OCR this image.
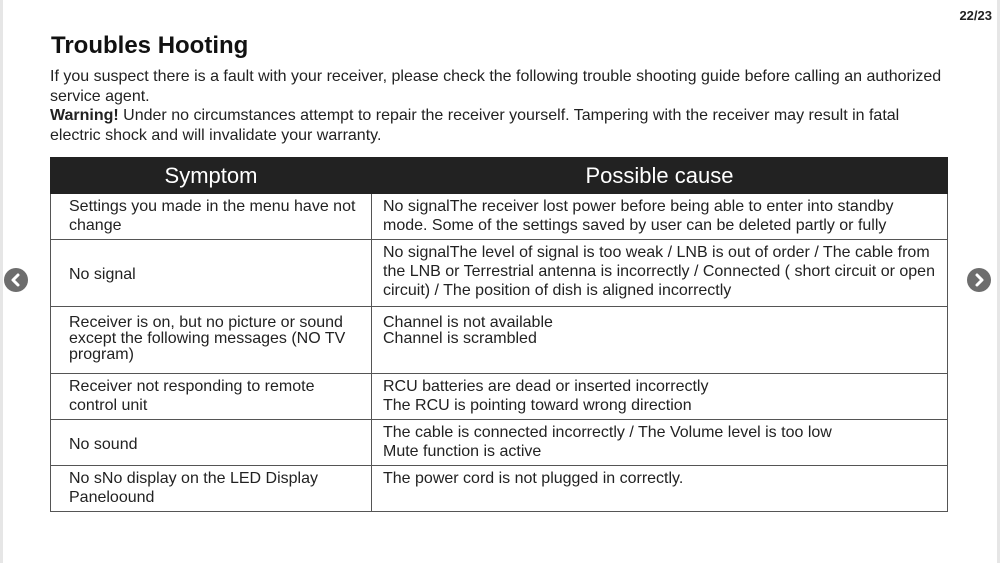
22/23
Troubles Hooting

If you suspect there is a fault with your receiver, please check the following trouble shooting guide before calling an authorized service agent.

Warning! Under no circumstances attempt to repair the receiver yourself. Tampering with the receiver may result in fatal electric shock and will invalidate your warranty.

Symptom	Possible cause
Settings you made in the menu have not change	No signalThe receiver lost power before being able to enter into standby mode. Some of the settings saved by user can be deleted partly or fully

No signal	No signalThe level of signal is too weak / LNB is out of order / The cable from the LNB or Terrestrial antenna is incorrectly / Connected ( short circuit or open circuit) / The position of dish is aligned incorrectly

Receiver is on, but no picture or sound except the following messages (NO TV program)	Channel is not available
Channel is scrambled

Receiver not responding to remote control unit	RCU batteries are dead or inserted incorrectly
The RCU is pointing toward wrong direction

No sound	The cable is connected incorrectly / The Volume level is too low
Mute function is active

No sNo display on the LED Display Paneloound	The power cord is not plugged in correctly.
